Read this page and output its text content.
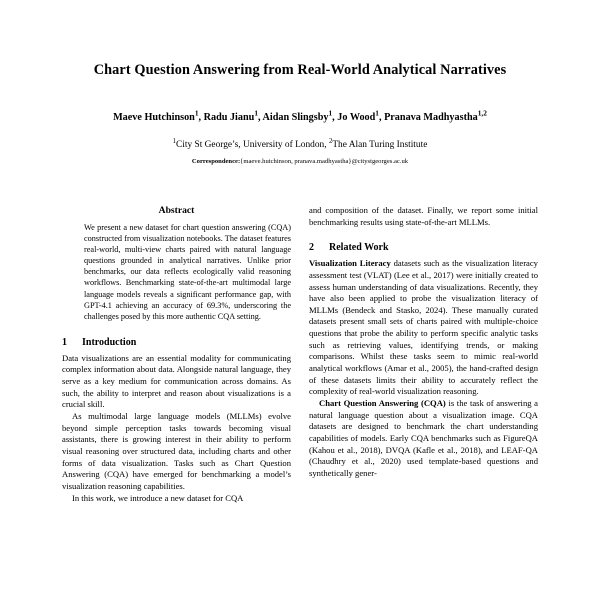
Chart Question Answering from Real-World Analytical Narratives
Maeve Hutchinson$^1$, Radu Jianu$^1$, Aidan Slingsby$^1$, Jo Wood$^1$, Pranava Madhyastha$^{1,2}$
$^1$City St George’s, University of London, $^2$The Alan Turing Institute
Correspondence:{maeve.hutchinson, pranava.madhyastha}@citystgeorges.ac.uk
Abstract

We present a new dataset for chart question answering (CQA) constructed from visualization notebooks. The dataset features real-world, multi-view charts paired with natural language questions grounded in analytical narratives. Unlike prior benchmarks, our data reflects ecologically valid reasoning workflows. Benchmarking state-of-the-art multimodal large language models reveals a significant performance gap, with GPT-4.1 achieving an accuracy of 69.3%, underscoring the challenges posed by this more authentic CQA setting.

1	Introduction

Data visualizations are an essential modality for communicating complex information about data. Alongside natural language, they serve as a key medium for communication across domains. As such, the ability to interpret and reason about visualizations is a crucial skill.

As multimodal large language models (MLLMs) evolve beyond simple perception tasks towards becoming visual assistants, there is growing interest in their ability to perform visual reasoning over structured data, including charts and other forms of data visualization. Tasks such as Chart Question Answering (CQA) have emerged for benchmarking a model’s visualization reasoning capabilities.

In this work, we introduce a new dataset for CQA

and composition of the dataset. Finally, we report some initial benchmarking results using state-of-the-art MLLMs.

2	Related Work

Visualization Literacy datasets such as the visualization literacy assessment test (VLAT) (Lee et al., 2017) were initially created to assess human understanding of data visualizations. Recently, they have also been applied to probe the visualization literacy of MLLMs (Bendeck and Stasko, 2024). These manually curated datasets present small sets of charts paired with multiple-choice questions that probe the ability to perform specific analytic tasks such as retrieving values, identifying trends, or making comparisons. Whilst these tasks seem to mimic real-world analytical workflows (Amar et al., 2005), the hand-crafted design of these datasets limits their ability to accurately reflect the complexity of real-world visualization reasoning.

Chart Question Answering (CQA) is the task of answering a natural language question about a visualization image. CQA datasets are designed to benchmark the chart understanding capabilities of models. Early CQA benchmarks such as FigureQA (Kahou et al., 2018), DVQA (Kafle et al., 2018), and LEAF-QA (Chaudhry et al., 2020) used template-based questions and synthetically gener-
